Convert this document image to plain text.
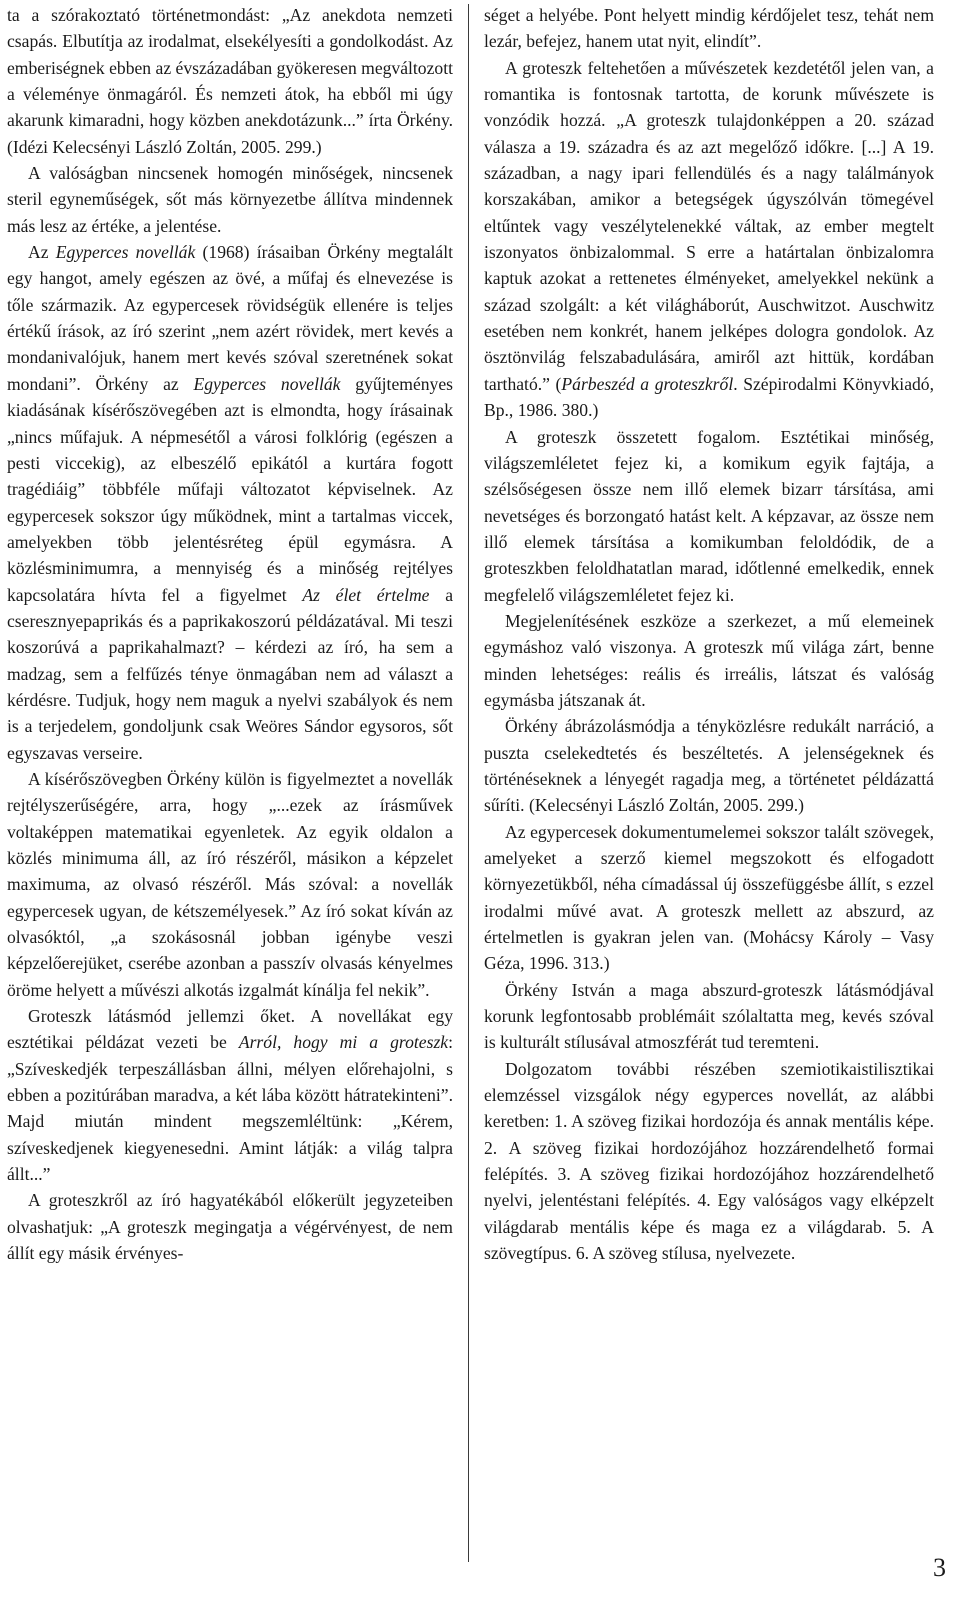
ta a szórakoztató történetmondást: „Az anekdota nemzeti csapás. Elbutítja az irodalmat, elsekélyesíti a gondolkodást. Az emberiségnek ebben az évszázadában gyökeresen megváltozott a véleménye önmagáról. És nemzeti átok, ha ebből mi úgy akarunk kimaradni, hogy közben anekdotázunk...” írta Örkény. (Idézi Kelecsényi László Zoltán, 2005. 299.)

A valóságban nincsenek homogén minőségek, nincsenek steril egyneműségek, sőt más környezetbe állítva mindennek más lesz az értéke, a jelentése.

Az Egyperces novellák (1968) írásaiban Örkény megtalált egy hangot, amely egészen az övé, a műfaj és elnevezése is tőle származik. Az egypercesek rövidségük ellenére is teljes értékű írások, az író szerint „nem azért rövidek, mert kevés a mondanivalójuk, hanem mert kevés szóval szeretnének sokat mondani”. Örkény az Egyperces novellák gyűjteményes kiadásának kísérőszövegében azt is elmondta, hogy írásainak „nincs műfajuk. A népmesétől a városi folklórig (egészen a pesti viccekig), az elbeszélő epikától a kurtára fogott tragédiáig” többféle műfaji változatot képviselnek. Az egypercesek sokszor úgy működnek, mint a tartalmas viccek, amelyekben több jelentésréteg épül egymásra. A közlésminimumra, a mennyiség és a minőség rejtélyes kapcsolatára hívta fel a figyelmet Az élet értelme a cseresznyepaprikás és a paprikakoszorú példázatával. Mi teszi koszorúvá a paprikahalmazt? – kérdezi az író, ha sem a madzag, sem a felfűzés ténye önmagában nem ad választ a kérdésre. Tudjuk, hogy nem maguk a nyelvi szabályok és nem is a terjedelem, gondoljunk csak Weöres Sándor egysoros, sőt egyszavas verseire.

A kísérőszövegben Örkény külön is figyelmeztet a novellák rejtélyszerűségére, arra, hogy „...ezek az írásművek voltaképpen matematikai egyenletek. Az egyik oldalon a közlés minimuma áll, az író részéről, másikon a képzelet maximuma, az olvasó részéről. Más szóval: a novellák egypercesek ugyan, de kétszemélyesek.” Az író sokat kíván az olvasóktól, „a szokásosnál jobban igénybe veszi képzelőerejüket, cserébe azonban a passzív olvasás kényelmes öröme helyett a művészi alkotás izgalmát kínálja fel nekik”.

Groteszk látásmód jellemzi őket. A novellákat egy esztétikai példázat vezeti be Arról, hogy mi a groteszk: „Szíveskedjék terpeszállásban állni, mélyen előrehajolni, s ebben a pozitúrában maradva, a két lába között hátratekinteni”. Majd miután mindent megszemléltünk: „Kérem, szíveskedjenek kiegyenesedni. Amint látják: a világ talpra állt...”

A groteszkről az író hagyatékából előkerült jegyzeteiben olvashatjuk: „A groteszk megingatja a végérvényest, de nem állít egy másik érvényes-

séget a helyébe. Pont helyett mindig kérdőjelet tesz, tehát nem lezár, befejez, hanem utat nyit, elindít”.

A groteszk feltehetően a művészetek kezdetétől jelen van, a romantika is fontosnak tartotta, de korunk művészete is vonzódik hozzá. „A groteszk tulajdonképpen a 20. század válasza a 19. századra és az azt megelőző időkre. [...] A 19. században, a nagy ipari fellendülés és a nagy találmányok korszakában, amikor a betegségek úgyszólván tömegével eltűntek vagy veszélytelenekké váltak, az ember megtelt iszonyatos önbizalommal. S erre a határtalan önbizalomra kaptuk azokat a rettenetes élményeket, amelyekkel nekünk a század szolgált: a két világháborút, Auschwitzot. Auschwitz esetében nem konkrét, hanem jelképes dologra gondolok. Az ösztönvilág felszabadulására, amiről azt hittük, kordában tartható.” (Párbeszéd a groteszkről. Szépirodalmi Könyvkiadó, Bp., 1986. 380.)

A groteszk összetett fogalom. Esztétikai minőség, világszemléletet fejez ki, a komikum egyik fajtája, a szélsőségesen össze nem illő elemek bizarr társítása, ami nevetséges és borzongató hatást kelt. A képzavar, az össze nem illő elemek társítása a komikumban feloldódik, de a groteszkben feloldhatatlan marad, időtlenné emelkedik, ennek megfelelő világszemléletet fejez ki.

Megjelenítésének eszköze a szerkezet, a mű elemeinek egymáshoz való viszonya. A groteszk mű világa zárt, benne minden lehetséges: reális és irreális, látszat és valóság egymásba játszanak át.

Örkény ábrázolásmódja a tényközlésre redukált narráció, a puszta cselekedtetés és beszéltetés. A jelenségeknek és történéseknek a lényegét ragadja meg, a történetet példázattá sűríti. (Kelecsényi László Zoltán, 2005. 299.)

Az egypercesek dokumentumelemei sokszor talált szövegek, amelyeket a szerző kiemel megszokott és elfogadott környezetükből, néha címadással új összefüggésbe állít, s ezzel irodalmi művé avat. A groteszk mellett az abszurd, az értelmetlen is gyakran jelen van. (Mohácsy Károly – Vasy Géza, 1996. 313.)

Örkény István a maga abszurd-groteszk látásmódjával korunk legfontosabb problémáit szólaltatta meg, kevés szóval is kulturált stílusával atmoszférát tud teremteni.

Dolgozatom további részében szemiotikaistilisztikai elemzéssel vizsgálok négy egyperces novellát, az alábbi keretben: 1. A szöveg fizikai hordozója és annak mentális képe. 2. A szöveg fizikai hordozójához hozzárendelhető formai felépítés. 3. A szöveg fizikai hordozójához hozzárendelhető nyelvi, jelentéstani felépítés. 4. Egy valóságos vagy elképzelt világdarab mentális képe és maga ez a világdarab. 5. A szövegtípus. 6. A szöveg stílusa, nyelvezete.

3
